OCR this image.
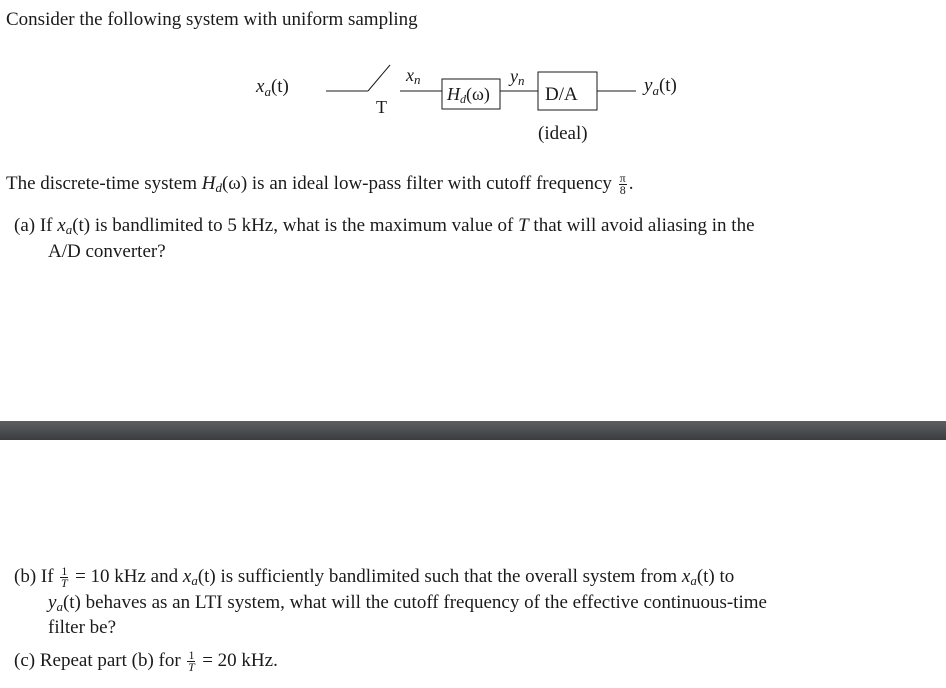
Consider the following system with uniform sampling
$x_a(t)$
T
xn
Hd(ω)
yn
D/A
(ideal)
$y_a(t)$
The discrete-time system $H_d(\omega)$ is an ideal low-pass filter with cutoff frequency $\frac{\pi}{8}$ .
(a) If $x_a(t)$ is bandlimited to 5 kHz, what is the maximum value of T that will avoid aliasing in the
A/D converter?
(b) If $\frac{1}{T} = 10$ kHz and $x_a(t)$ is sufficiently bandlimited such that the overall system from $x_a(t)$ to
$y_a(t)$ behaves as an LTI system, what will the cutoff frequency of the effective continuous-time
filter be?
(c) Repeat part (b) for $\frac{1}{T} = 20$ kHz.
